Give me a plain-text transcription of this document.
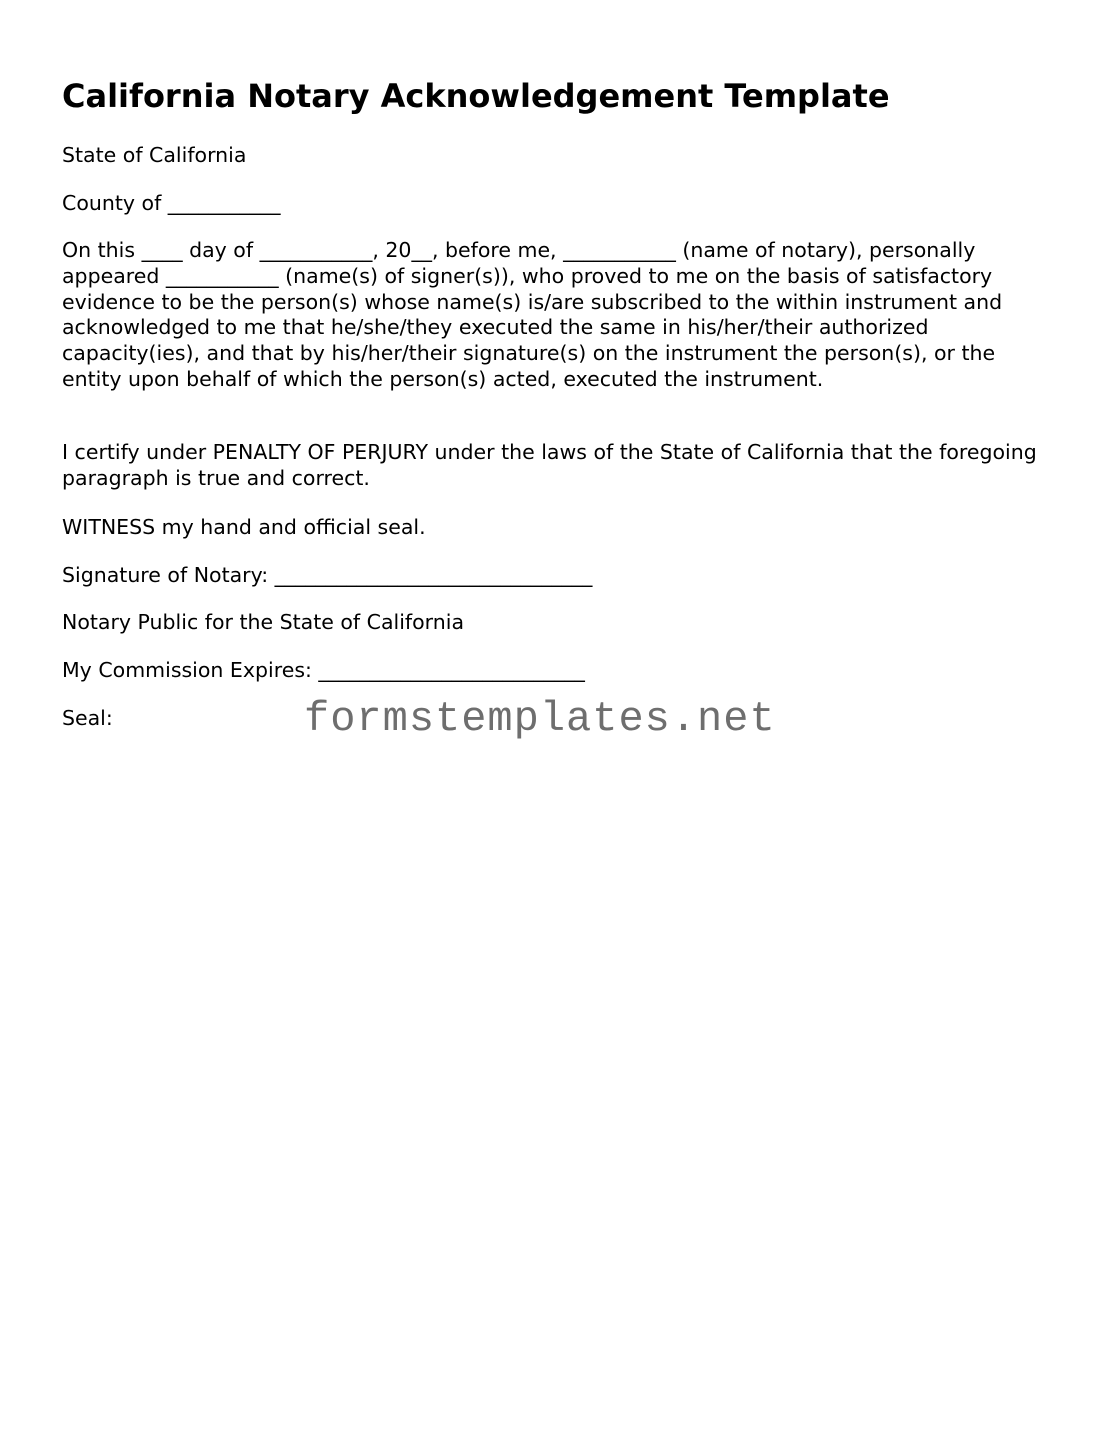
California Notary Acknowledgement Template

State of California

County of ___________

On this ____ day of ___________, 20__, before me, ___________ (name of notary), personally appeared ___________ (name(s) of signer(s)), who proved to me on the basis of satisfactory evidence to be the person(s) whose name(s) is/are subscribed to the within instrument and acknowledged to me that he/she/they executed the same in his/her/their authorized capacity(ies), and that by his/her/their signature(s) on the instrument the person(s), or the entity upon behalf of which the person(s) acted, executed the instrument.

I certify under PENALTY OF PERJURY under the laws of the State of California that the foregoing paragraph is true and correct.

WITNESS my hand and official seal.

Signature of Notary: _______________________________

Notary Public for the State of California

My Commission Expires: __________________________

Seal:	formstemplates.net
